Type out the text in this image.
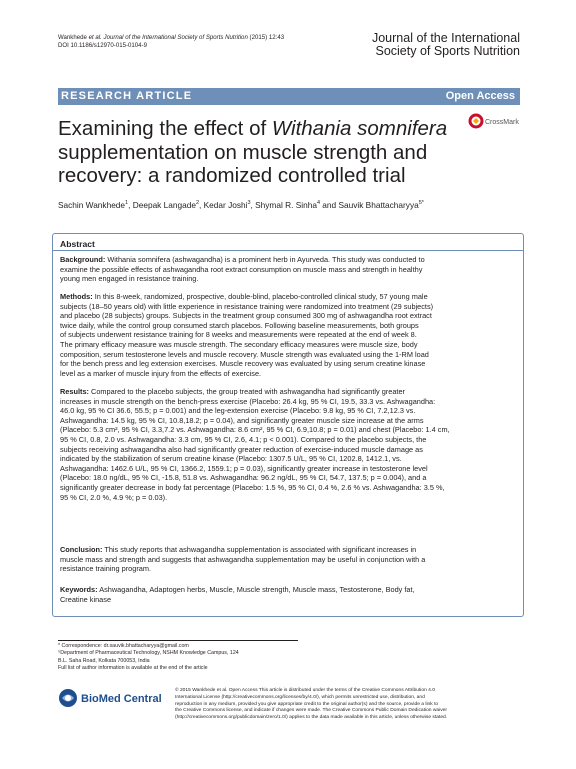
Wankhede et al. Journal of the International Society of Sports Nutrition (2015) 12:43
DOI 10.1186/s12970-015-0104-9
Journal of the International
Society of Sports Nutrition
RESEARCH ARTICLE	Open Access
Examining the effect of Withania somnifera
supplementation on muscle strength and
recovery: a randomized controlled trial
CrossMark
Sachin Wankhede$^1$, Deepak Langade$^2$, Kedar Joshi$^3$, Shymal R. Sinha$^4$ and Sauvik Bhattacharyya$^{5*}$
Abstract
Background: Withania somnifera (ashwagandha) is a prominent herb in Ayurveda. This study was conducted to
examine the possible effects of ashwagandha root extract consumption on muscle mass and strength in healthy
young men engaged in resistance training.
Methods: In this 8-week, randomized, prospective, double-blind, placebo-controlled clinical study, 57 young male
subjects (18–50 years old) with little experience in resistance training were randomized into treatment (29 subjects)
and placebo (28 subjects) groups. Subjects in the treatment group consumed 300 mg of ashwagandha root extract
twice daily, while the control group consumed starch placebos. Following baseline measurements, both groups
of subjects underwent resistance training for 8 weeks and measurements were repeated at the end of week 8.
The primary efficacy measure was muscle strength. The secondary efficacy measures were muscle size, body
composition, serum testosterone levels and muscle recovery. Muscle strength was evaluated using the 1-RM load
for the bench press and leg extension exercises. Muscle recovery was evaluated by using serum creatine kinase
level as a marker of muscle injury from the effects of exercise.
Results: Compared to the placebo subjects, the group treated with ashwagandha had significantly greater
increases in muscle strength on the bench-press exercise (Placebo: 26.4 kg, 95 % CI, 19.5, 33.3 vs. Ashwagandha:
46.0 kg, 95 % CI 36.6, 55.5; p = 0.001) and the leg-extension exercise (Placebo: 9.8 kg, 95 % CI, 7.2,12.3 vs.
Ashwagandha: 14.5 kg, 95 % CI, 10.8,18.2; p = 0.04), and significantly greater muscle size increase at the arms
(Placebo: 5.3 cm², 95 % CI, 3.3,7.2 vs. Ashwagandha: 8.6 cm², 95 % CI, 6.9,10.8; p = 0.01) and chest (Placebo: 1.4 cm,
95 % CI, 0.8, 2.0 vs. Ashwagandha: 3.3 cm, 95 % CI, 2.6, 4.1; p < 0.001). Compared to the placebo subjects, the
subjects receiving ashwagandha also had significantly greater reduction of exercise-induced muscle damage as
indicated by the stabilization of serum creatine kinase (Placebo: 1307.5 U/L, 95 % CI, 1202.8, 1412.1, vs.
Ashwagandha: 1462.6 U/L, 95 % CI, 1366.2, 1559.1; p = 0.03), significantly greater increase in testosterone level
(Placebo: 18.0 ng/dL, 95 % CI, -15.8, 51.8 vs. Ashwagandha: 96.2 ng/dL, 95 % CI, 54.7, 137.5; p = 0.004), and a
significantly greater decrease in body fat percentage (Placebo: 1.5 %, 95 % CI, 0.4 %, 2.6 % vs. Ashwagandha: 3.5 %,
95 % CI, 2.0 %, 4.9 %; p = 0.03).
Conclusion: This study reports that ashwagandha supplementation is associated with significant increases in
muscle mass and strength and suggests that ashwagandha supplementation may be useful in conjunction with a
resistance training program.
Keywords: Ashwagandha, Adaptogen herbs, Muscle, Muscle strength, Muscle mass, Testosterone, Body fat,
Creatine kinase
* Correspondence: dr.sauvik.bhattacharyya@gmail.com
⁵Department of Pharmaceutical Technology, NSHM Knowledge Campus, 124
B.L. Saha Road, Kolkata 700053, India
Full list of author information is available at the end of the article
BioMed Central
© 2015 Wankhede et al. Open Access This article is distributed under the terms of the Creative Commons Attribution 4.0
International License (http://creativecommons.org/licenses/by/4.0/), which permits unrestricted use, distribution, and
reproduction in any medium, provided you give appropriate credit to the original author(s) and the source, provide a link to
the Creative Commons license, and indicate if changes were made. The Creative Commons Public Domain Dedication waiver
(http://creativecommons.org/publicdomain/zero/1.0/) applies to the data made available in this article, unless otherwise stated.
